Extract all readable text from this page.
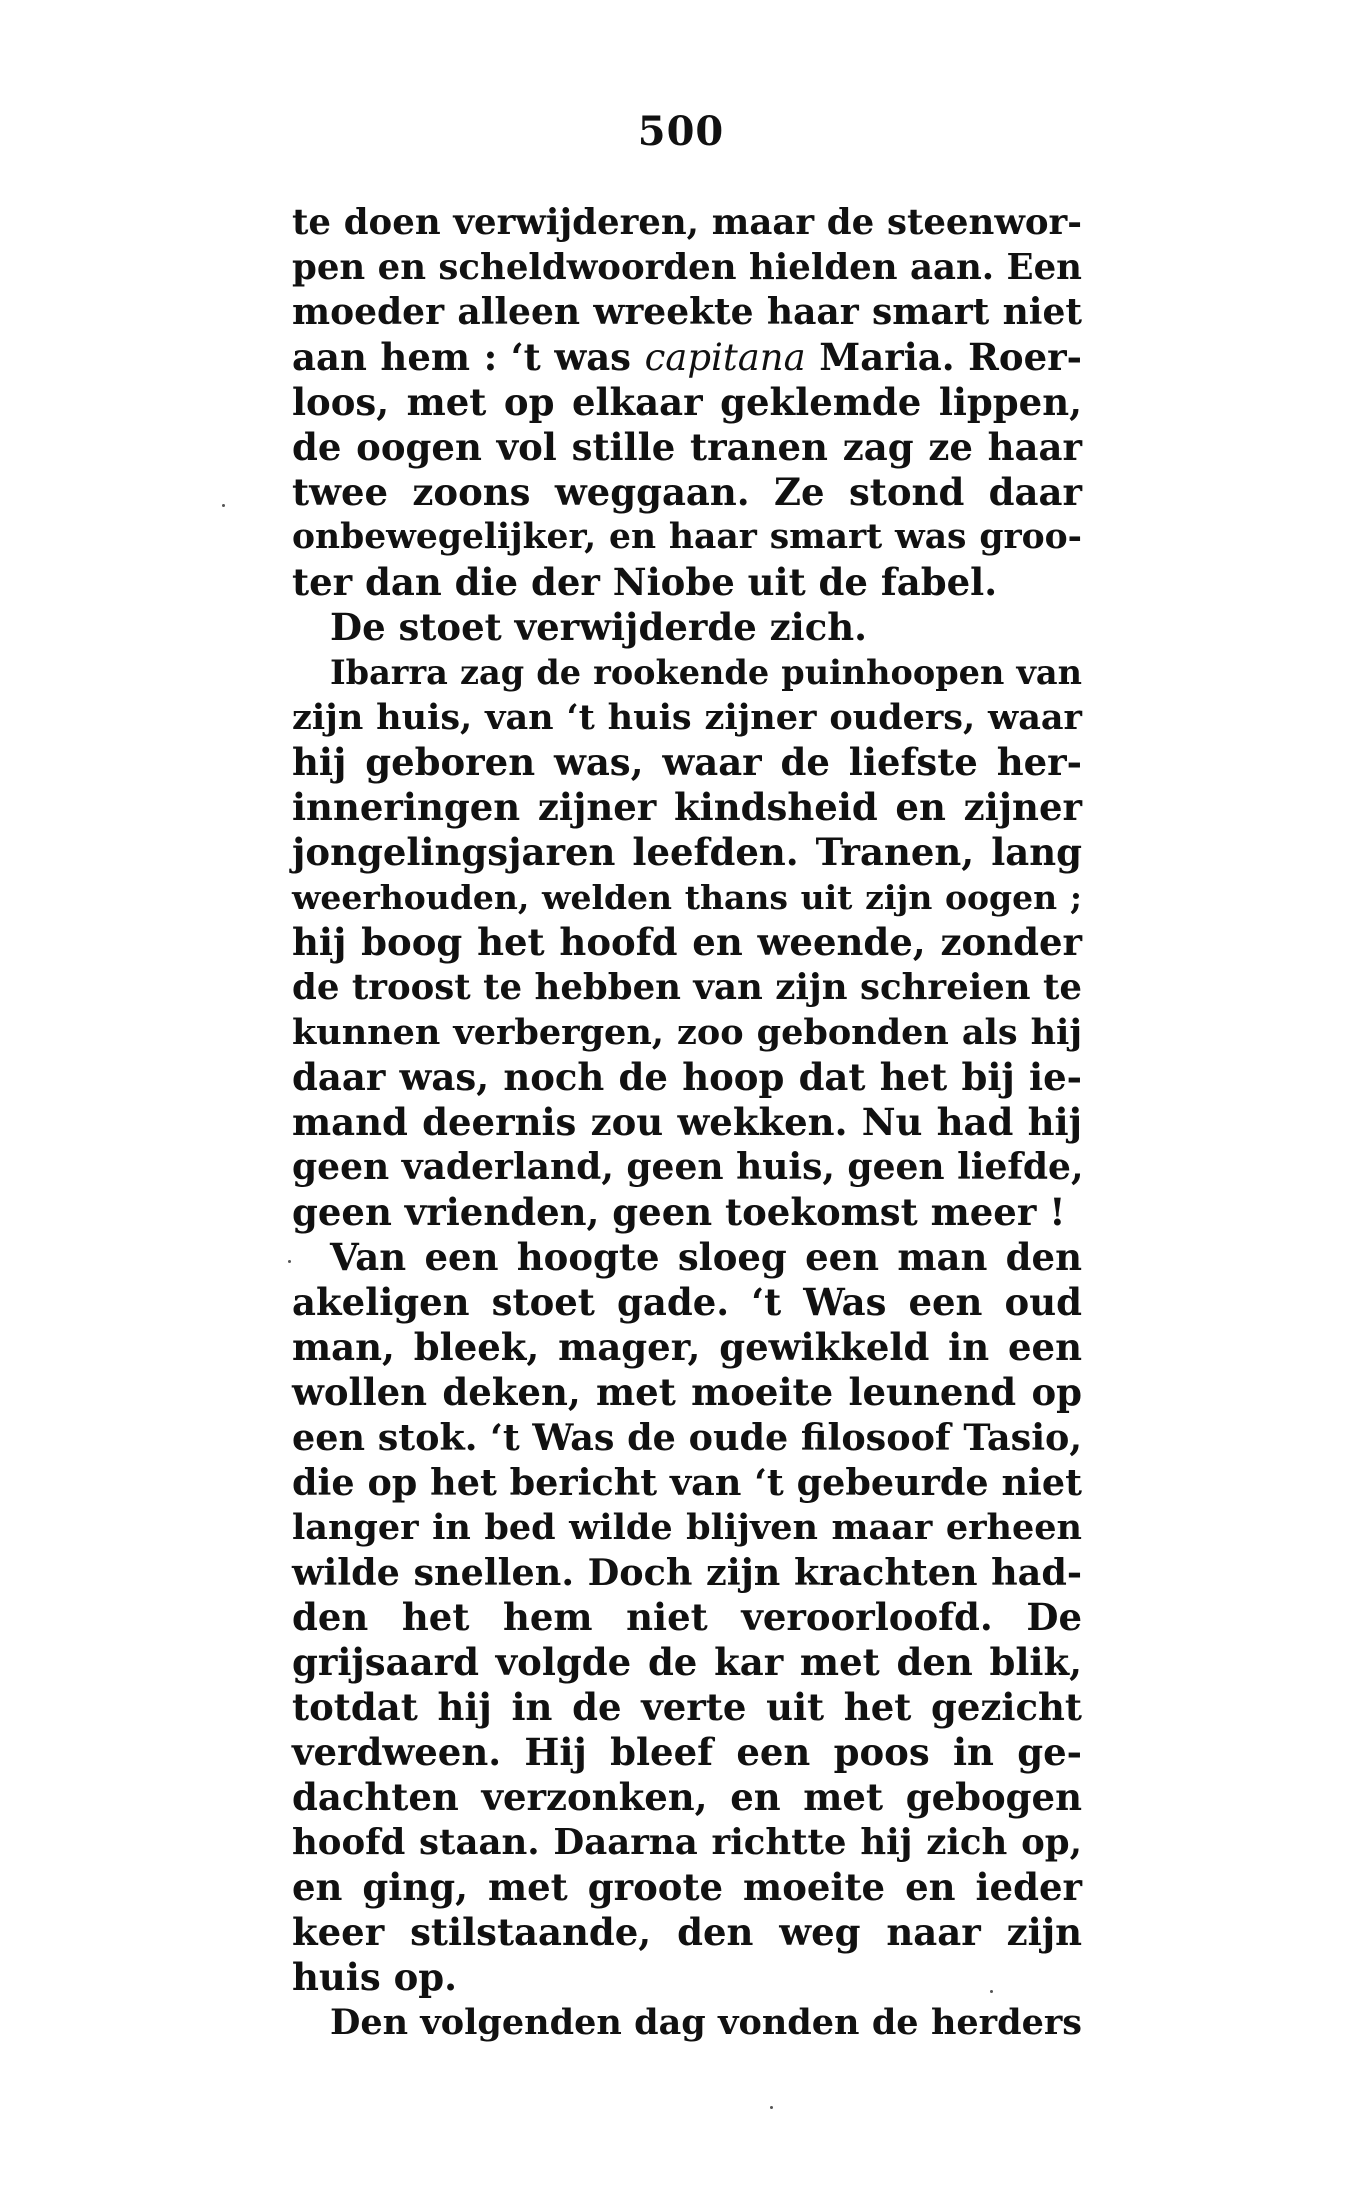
500
te doen verwijderen, maar de steenwor-
pen en scheldwoorden hielden aan. Een
moeder alleen wreekte haar smart niet
aan hem : ‘t was capitana Maria. Roer-
loos, met op elkaar geklemde lippen,
de oogen vol stille tranen zag ze haar
twee zoons weggaan. Ze stond daar
onbewegelijker, en haar smart was groo-
ter dan die der Niobe uit de fabel.
De stoet verwijderde zich.
Ibarra zag de rookende puinhoopen van
zijn huis, van ‘t huis zijner ouders, waar
hij geboren was, waar de liefste her-
inneringen zijner kindsheid en zijner
jongelingsjaren leefden. Tranen, lang
weerhouden, welden thans uit zijn oogen ;
hij boog het hoofd en weende, zonder
de troost te hebben van zijn schreien te
kunnen verbergen, zoo gebonden als hij
daar was, noch de hoop dat het bij ie-
mand deernis zou wekken. Nu had hij
geen vaderland, geen huis, geen liefde,
geen vrienden, geen toekomst meer !
Van een hoogte sloeg een man den
akeligen stoet gade. ‘t Was een oud
man, bleek, mager, gewikkeld in een
wollen deken, met moeite leunend op
een stok. ‘t Was de oude filosoof Tasio,
die op het bericht van ‘t gebeurde niet
langer in bed wilde blijven maar erheen
wilde snellen. Doch zijn krachten had-
den het hem niet veroorloofd. De
grijsaard volgde de kar met den blik,
totdat hij in de verte uit het gezicht
verdween. Hij bleef een poos in ge-
dachten verzonken, en met gebogen
hoofd staan. Daarna richtte hij zich op,
en ging, met groote moeite en ieder
keer stilstaande, den weg naar zijn
huis op.
Den volgenden dag vonden de herders
